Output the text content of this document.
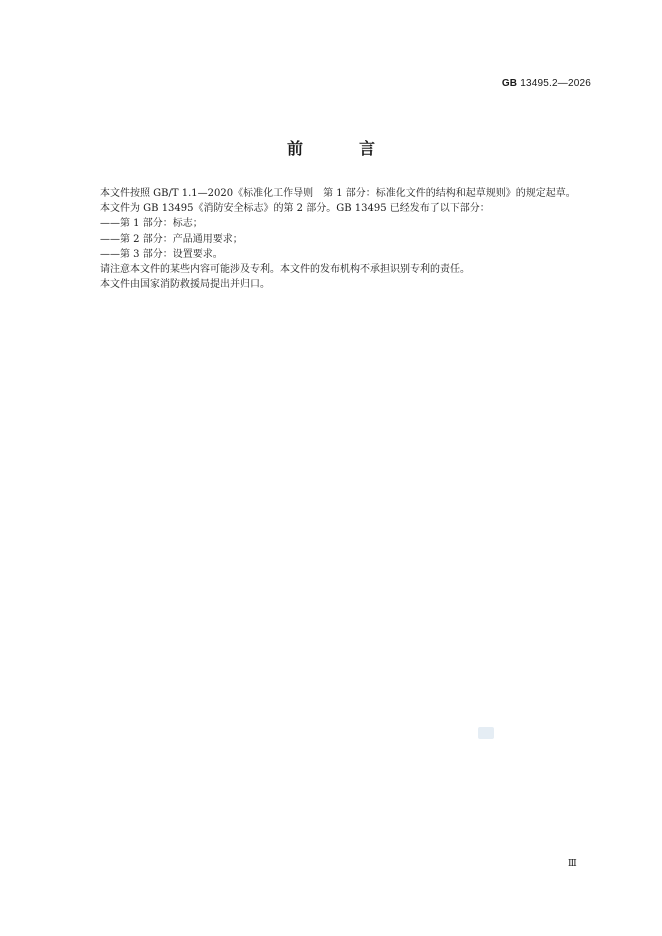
GB 13495.2—2026
前　言

本文件按照 GB/T 1.1—2020《标准化工作导则　第 1 部分：标准化文件的结构和起草规则》的规定起草。

本文件为 GB 13495《消防安全标志》的第 2 部分。GB 13495 已经发布了以下部分：

——第 1 部分：标志；

——第 2 部分：产品通用要求；

——第 3 部分：设置要求。

请注意本文件的某些内容可能涉及专利。本文件的发布机构不承担识别专利的责任。

本文件由国家消防救援局提出并归口。

Ⅲ
